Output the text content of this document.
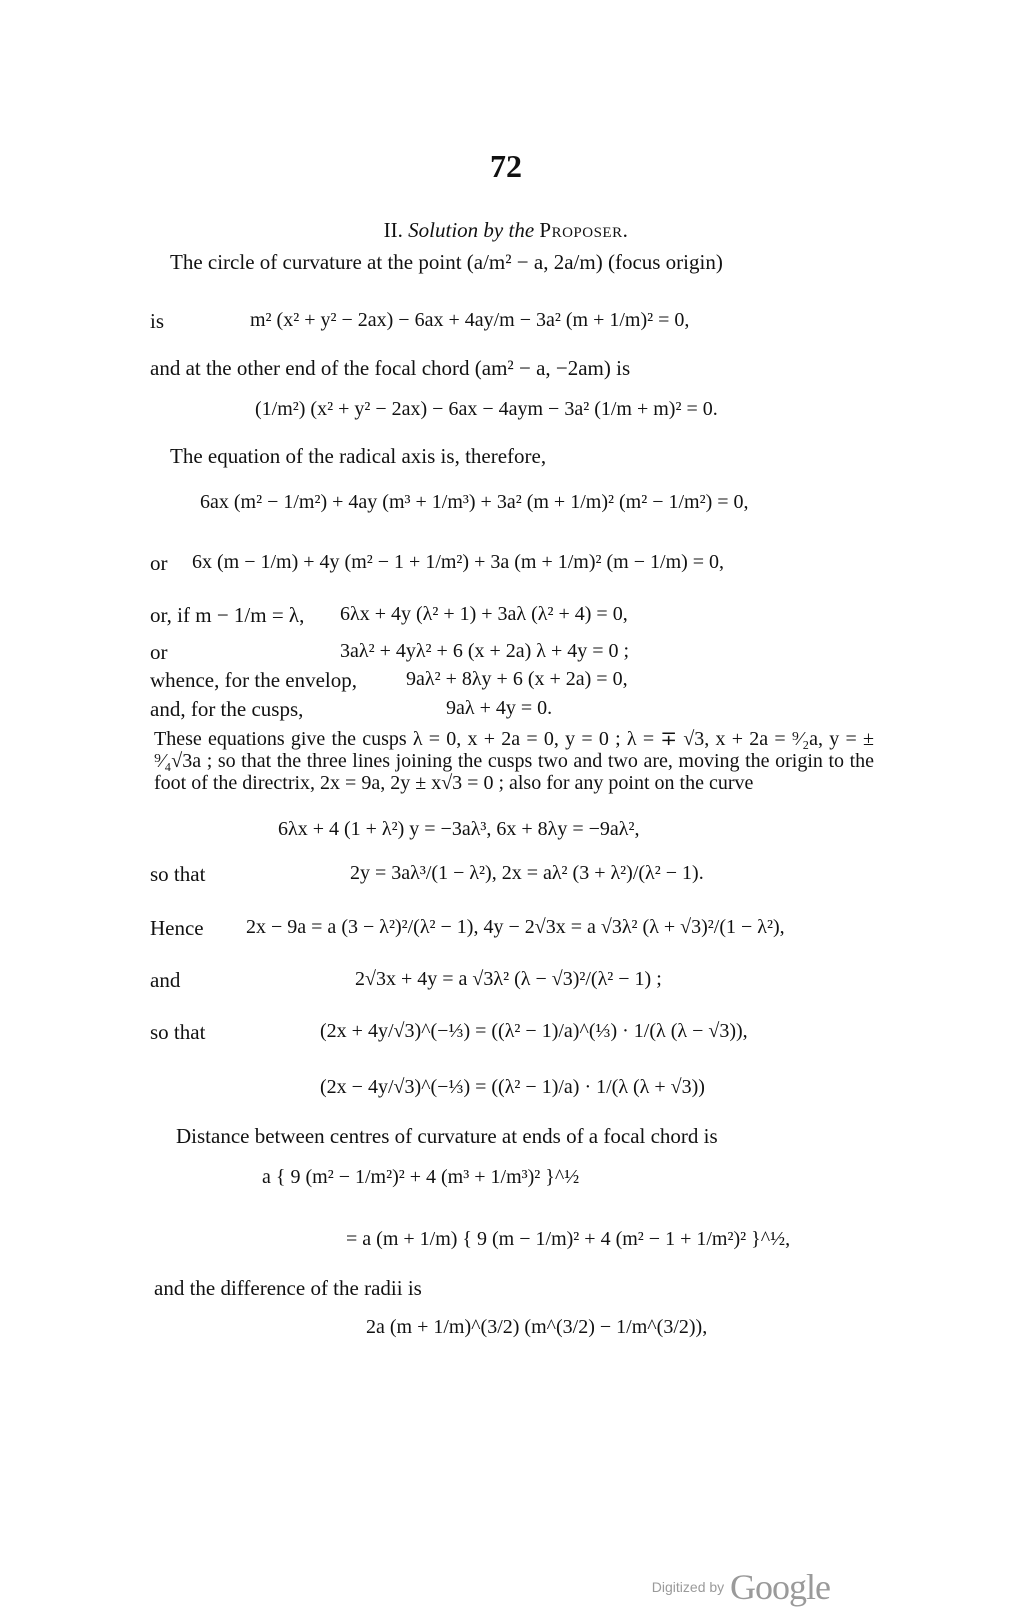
72
II. Solution by the Proposer.
The circle of curvature at the point (a/m² − a, 2a/m) (focus origin)
is	m² (x² + y² − 2ax) − 6ax + 4ay/m − 3a² (m + 1/m)² = 0,
and at the other end of the focal chord (am² − a, −2am) is
(1/m²) (x² + y² − 2ax) − 6ax − 4aym − 3a² (1/m + m)² = 0.
The equation of the radical axis is, therefore,
6ax (m² − 1/m²) + 4ay (m³ + 1/m³) + 3a² (m + 1/m)² (m² − 1/m²) = 0,
or 6x (m − 1/m) + 4y (m² − 1 + 1/m²) + 3a (m + 1/m)² (m − 1/m) = 0,
or, if m − 1/m = λ, 6λx + 4y (λ² + 1) + 3aλ (λ² + 4) = 0,
or	3aλ² + 4yλ² + 6 (x + 2a) λ + 4y = 0 ;
whence, for the envelop, 9aλ² + 8λy + 6 (x + 2a) = 0,
and, for the cusps,	9aλ + 4y = 0.
These equations give the cusps λ = 0, x + 2a = 0, y = 0 ; λ = ∓ √3, x + 2a = ⁹⁄₂a, y = ± ⁹⁄₄√3a ; so that the three lines joining the cusps two and two are, moving the origin to the foot of the directrix, 2x = 9a, 2y ± x√3 = 0 ; also for any point on the curve
6λx + 4 (1 + λ²) y = −3aλ³, 6x + 8λy = −9aλ²,
so that	2y = 3aλ³/(1 − λ²), 2x = aλ² (3 + λ²)/(λ² − 1).
Hence 2x − 9a = a (3 − λ²)²/(λ² − 1), 4y − 2√3x = a √3λ² (λ + √3)²/(1 − λ²),
and	2√3x + 4y = a √3λ² (λ − √3)²/(λ² − 1) ;
so that	(2x + 4y/√3)^(−⅓) = ((λ² − 1)/a)^(⅓) · 1/(λ (λ − √3)),
(2x − 4y/√3)^(−⅓) = ((λ² − 1)/a) · 1/(λ (λ + √3))
Distance between centres of curvature at ends of a focal chord is
a { 9 (m² − 1/m²)² + 4 (m³ + 1/m³)² }^½
= a (m + 1/m) { 9 (m − 1/m)² + 4 (m² − 1 + 1/m²)² }^½,
and the difference of the radii is
2a (m + 1/m)^(3/2) (m^(3/2) − 1/m^(3/2)),
Digitized by Google
